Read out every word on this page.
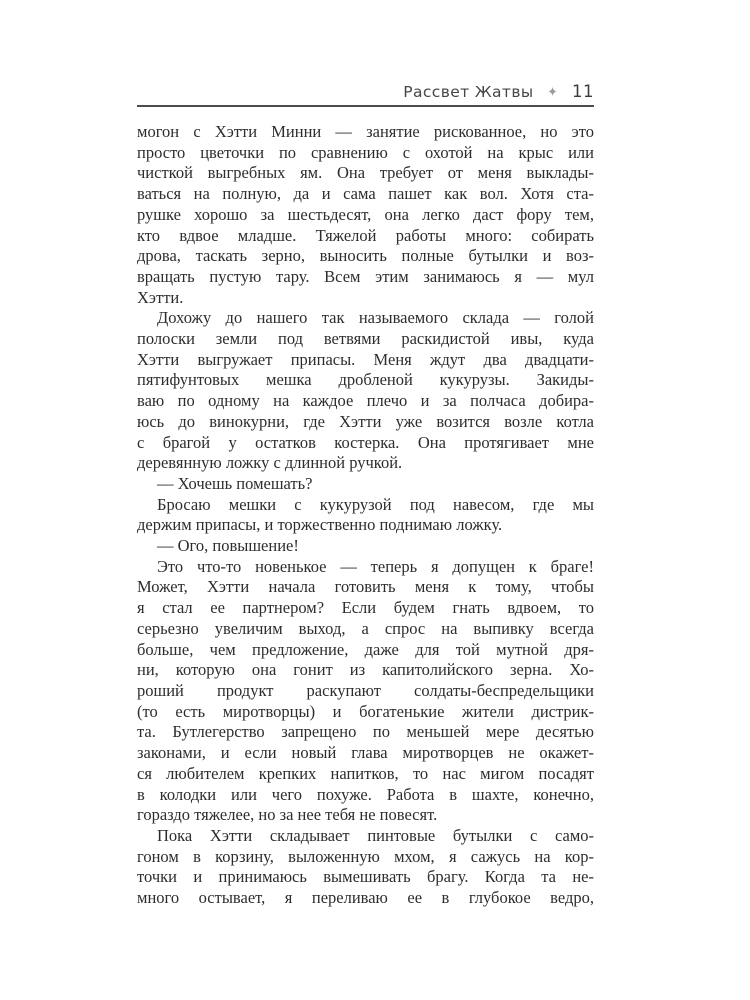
Рассвет Жатвы ✦ 11
могон с Хэтти Минни — занятие рискованное, но это
просто цветочки по сравнению с охотой на крыс или
чисткой выгребных ям. Она требует от меня выклады-
ваться на полную, да и сама пашет как вол. Хотя ста-
рушке хорошо за шестьдесят, она легко даст фору тем,
кто вдвое младше. Тяжелой работы много: собирать
дрова, таскать зерно, выносить полные бутылки и воз-
вращать пустую тару. Всем этим занимаюсь я — мул
Хэтти.
Дохожу до нашего так называемого склада — голой
полоски земли под ветвями раскидистой ивы, куда
Хэтти выгружает припасы. Меня ждут два двадцати-
пятифунтовых мешка дробленой кукурузы. Закиды-
ваю по одному на каждое плечо и за полчаса добира-
юсь до винокурни, где Хэтти уже возится возле котла
с брагой у остатков костерка. Она протягивает мне
деревянную ложку с длинной ручкой.
— Хочешь помешать?
Бросаю мешки с кукурузой под навесом, где мы
держим припасы, и торжественно поднимаю ложку.
— Ого, повышение!
Это что-то новенькое — теперь я допущен к браге!
Может, Хэтти начала готовить меня к тому, чтобы
я стал ее партнером? Если будем гнать вдвоем, то
серьезно увеличим выход, а спрос на выпивку всегда
больше, чем предложение, даже для той мутной дря-
ни, которую она гонит из капитолийского зерна. Хо-
роший продукт раскупают солдаты-беспредельщики
(то есть миротворцы) и богатенькие жители дистрик-
та. Бутлегерство запрещено по меньшей мере десятью
законами, и если новый глава миротворцев не окажет-
ся любителем крепких напитков, то нас мигом посадят
в колодки или чего похуже. Работа в шахте, конечно,
гораздо тяжелее, но за нее тебя не повесят.
Пока Хэтти складывает пинтовые бутылки с само-
гоном в корзину, выложенную мхом, я сажусь на кор-
точки и принимаюсь вымешивать брагу. Когда та не-
много остывает, я переливаю ее в глубокое ведро,
